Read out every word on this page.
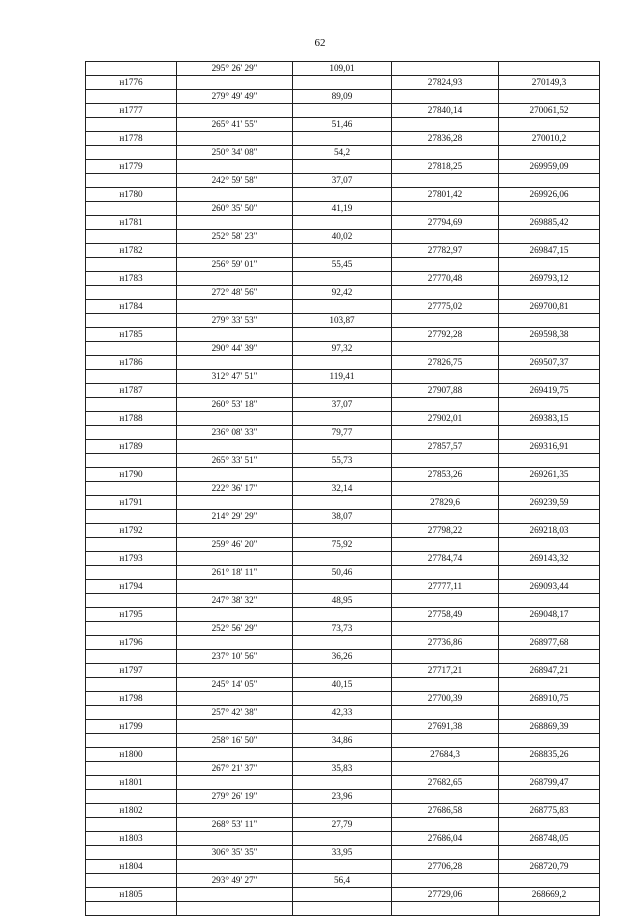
62
	295° 26' 29"	109,01		
н1776			27824,93	270149,3
	279° 49' 49"	89,09		
н1777			27840,14	270061,52
	265° 41' 55"	51,46		
н1778			27836,28	270010,2
	250° 34' 08"	54,2		
н1779			27818,25	269959,09
	242° 59' 58"	37,07		
н1780			27801,42	269926,06
	260° 35' 50"	41,19		
н1781			27794,69	269885,42
	252° 58' 23"	40,02		
н1782			27782,97	269847,15
	256° 59' 01"	55,45		
н1783			27770,48	269793,12
	272° 48' 56"	92,42		
н1784			27775,02	269700,81
	279° 33' 53"	103,87		
н1785			27792,28	269598,38
	290° 44' 39"	97,32		
н1786			27826,75	269507,37
	312° 47' 51"	119,41		
н1787			27907,88	269419,75
	260° 53' 18"	37,07		
н1788			27902,01	269383,15
	236° 08' 33"	79,77		
н1789			27857,57	269316,91
	265° 33' 51"	55,73		
н1790			27853,26	269261,35
	222° 36' 17"	32,14		
н1791			27829,6	269239,59
	214° 29' 29"	38,07		
н1792			27798,22	269218,03
	259° 46' 20"	75,92		
н1793			27784,74	269143,32
	261° 18' 11"	50,46		
н1794			27777,11	269093,44
	247° 38' 32"	48,95		
н1795			27758,49	269048,17
	252° 56' 29"	73,73		
н1796			27736,86	268977,68
	237° 10' 56"	36,26		
н1797			27717,21	268947,21
	245° 14' 05"	40,15		
н1798			27700,39	268910,75
	257° 42' 38"	42,33		
н1799			27691,38	268869,39
	258° 16' 50"	34,86		
н1800			27684,3	268835,26
	267° 21' 37"	35,83		
н1801			27682,65	268799,47
	279° 26' 19"	23,96		
н1802			27686,58	268775,83
	268° 53' 11"	27,79		
н1803			27686,04	268748,05
	306° 35' 35"	33,95		
н1804			27706,28	268720,79
	293° 49' 27"	56,4		
н1805			27729,06	268669,2
